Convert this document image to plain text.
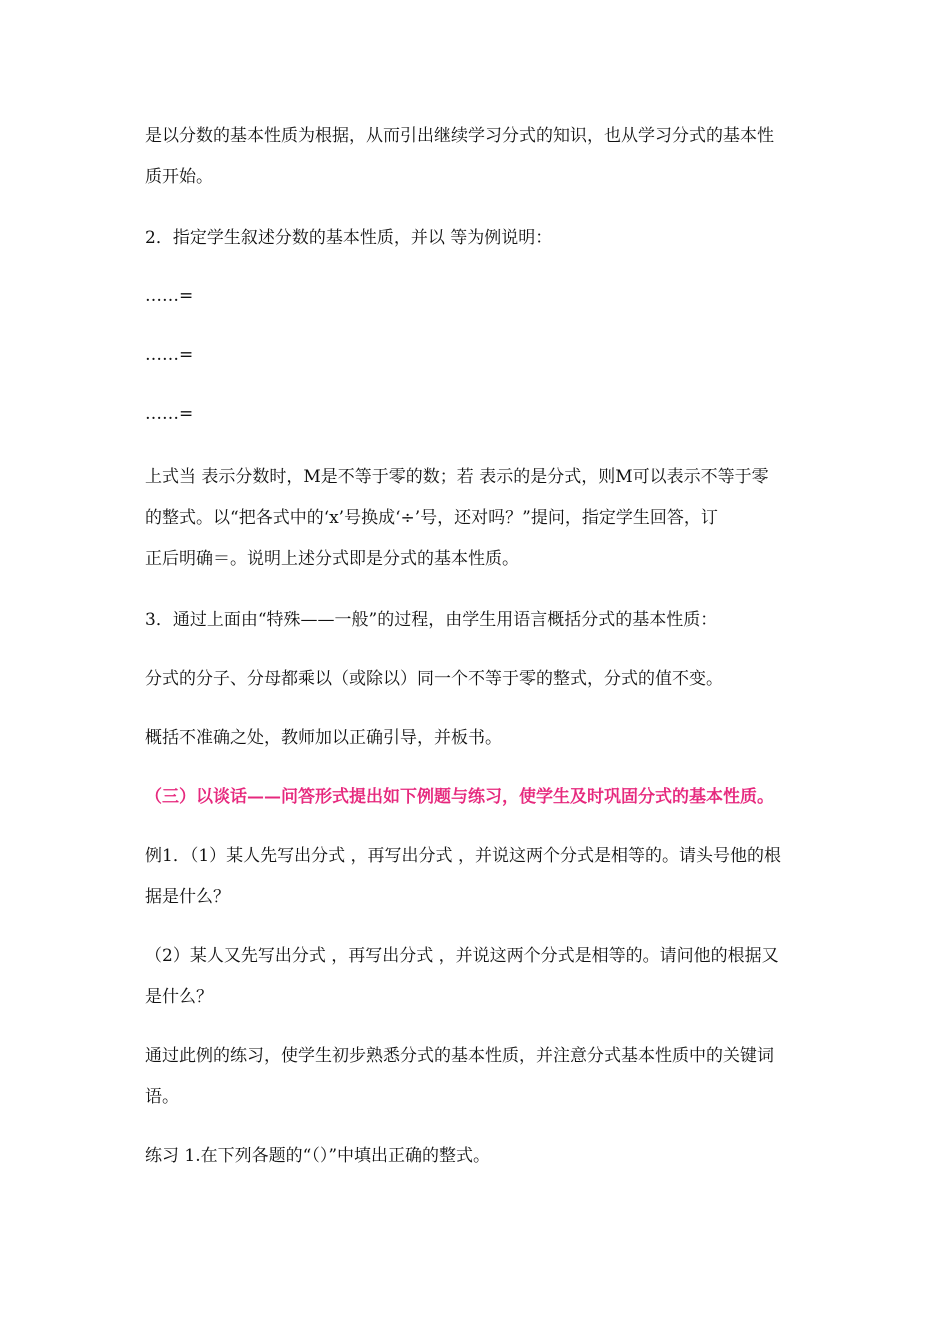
是以分数的基本性质为根据，从而引出继续学习分式的知识，也从学习分式的基本性
质开始。

2．指定学生叙述分数的基本性质，并以 等为例说明：

……=

……=

……=

上式当 表示分数时，M是不等于零的数；若 表示的是分式，则M可以表示不等于零
的整式。以“把各式中的‘x’号换成‘÷’号，还对吗？”提问，指定学生回答，订
正后明确＝。说明上述分式即是分式的基本性质。

3．通过上面由“特殊——一般”的过程，由学生用语言概括分式的基本性质：

分式的分子、分母都乘以（或除以）同一个不等于零的整式，分式的值不变。

概括不准确之处，教师加以正确引导，并板书。

（三）以谈话——问答形式提出如下例题与练习，使学生及时巩固分式的基本性质。

例1．（1）某人先写出分式 ，再写出分式 ，并说这两个分式是相等的。请头号他的根
据是什么？

（2）某人又先写出分式 ，再写出分式 ，并说这两个分式是相等的。请问他的根据又
是什么？

通过此例的练习，使学生初步熟悉分式的基本性质，并注意分式基本性质中的关键词
语。

练习 1.在下列各题的“（）”中填出正确的整式。
